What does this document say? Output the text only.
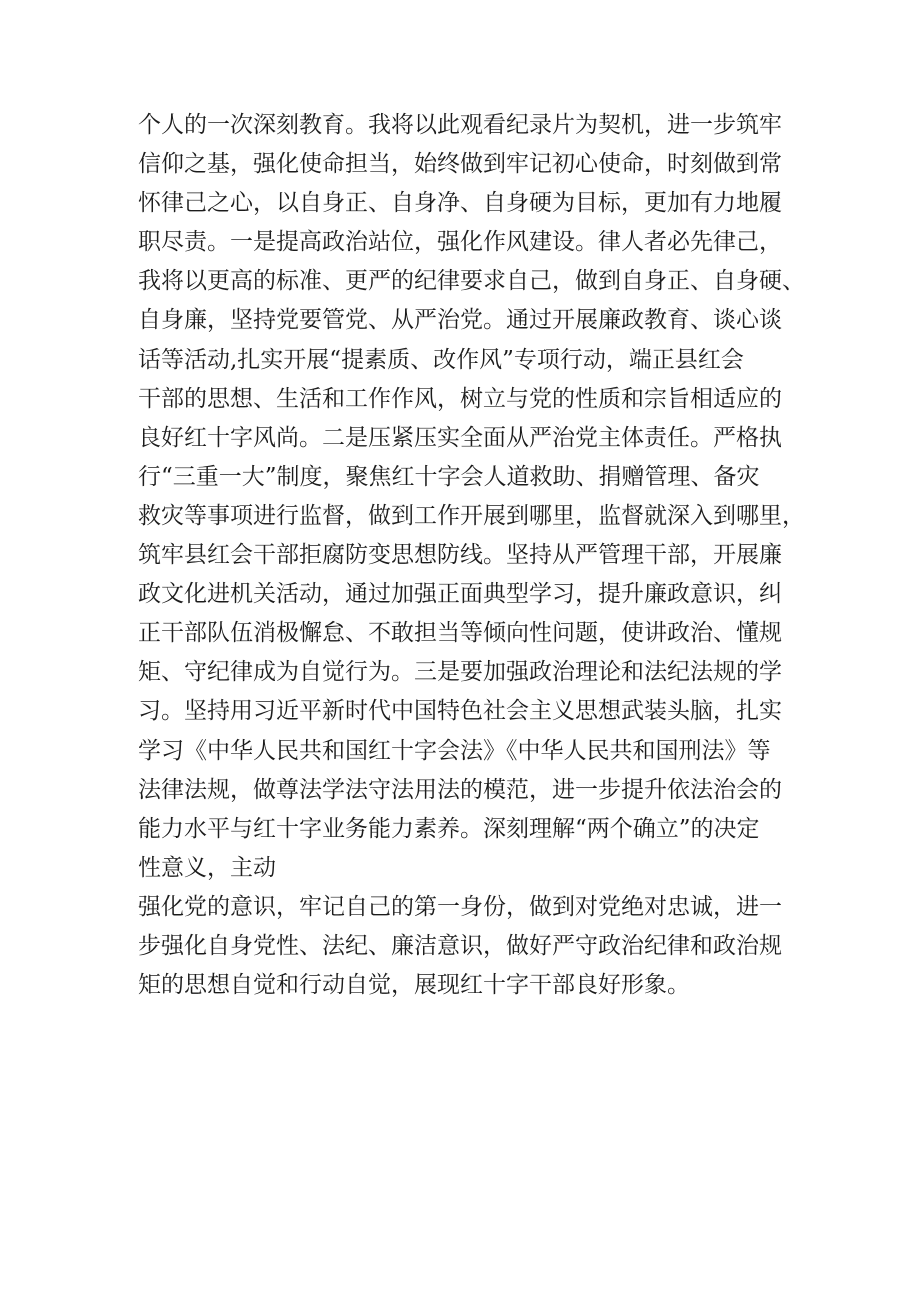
个人的一次深刻教育。我将以此观看纪录片为契机，进一步筑牢
信仰之基，强化使命担当，始终做到牢记初心使命，时刻做到常
怀律己之心，以自身正、自身净、自身硬为目标，更加有力地履
职尽责。一是提高政治站位，强化作风建设。律人者必先律己，
我将以更高的标准、更严的纪律要求自己，做到自身正、自身硬、
自身廉，坚持党要管党、从严治党。通过开展廉政教育、谈心谈
话等活动,扎实开展“提素质、改作风”专项行动，端正县红会
干部的思想、生活和工作作风，树立与党的性质和宗旨相适应的
良好红十字风尚。二是压紧压实全面从严治党主体责任。严格执
行“三重一大”制度，聚焦红十字会人道救助、捐赠管理、备灾
救灾等事项进行监督，做到工作开展到哪里，监督就深入到哪里，
筑牢县红会干部拒腐防变思想防线。坚持从严管理干部，开展廉
政文化进机关活动，通过加强正面典型学习，提升廉政意识，纠
正干部队伍消极懈怠、不敢担当等倾向性问题，使讲政治、懂规
矩、守纪律成为自觉行为。三是要加强政治理论和法纪法规的学
习。坚持用习近平新时代中国特色社会主义思想武装头脑，扎实
学习《中华人民共和国红十字会法》《中华人民共和国刑法》等
法律法规，做尊法学法守法用法的模范，进一步提升依法治会的
能力水平与红十字业务能力素养。深刻理解“两个确立”的决定
性意义，主动
强化党的意识，牢记自己的第一身份，做到对党绝对忠诚，进一
步强化自身党性、法纪、廉洁意识，做好严守政治纪律和政治规
矩的思想自觉和行动自觉，展现红十字干部良好形象。
